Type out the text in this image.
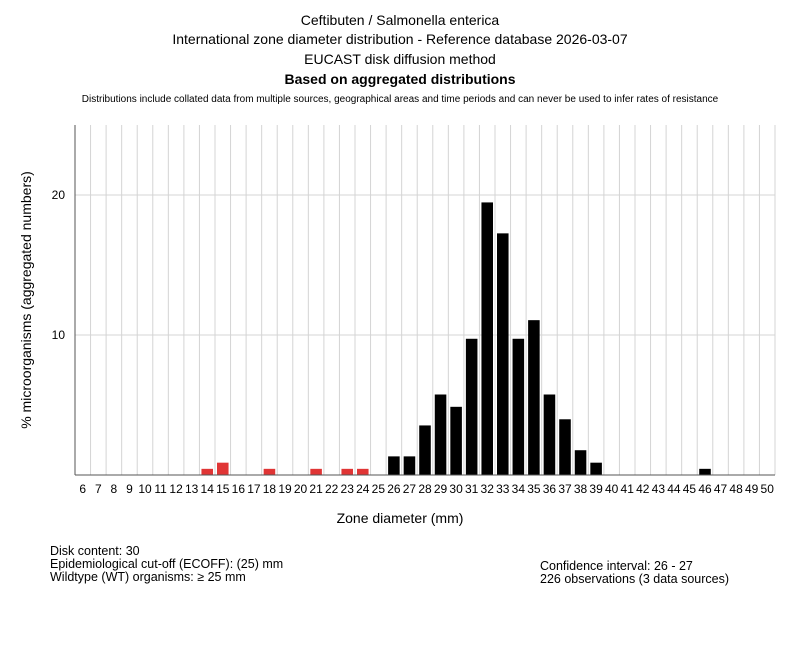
Ceftibuten / Salmonella enterica
International zone diameter distribution - Reference database 2026-03-07
EUCAST disk diffusion method
Based on aggregated distributions
Distributions include collated data from multiple sources, geographical areas and time periods and can never be used to infer rates of resistance
6 7 8 9 10 11 12 13 14 15 16 17 18 19 20 21 22 23 24 25 26 27 28 29 30 31 32 33 34 35 36 37 38 39 40 41 42 43 44 45 46 47 48 49 50
10
20
Zone diameter (mm)
% microorganisms (aggregated numbers)
Disk content: 30
Epidemiological cut-off (ECOFF): (25) mm
Wildtype (WT) organisms: ≥ 25 mm
Confidence interval: 26 - 27
226 observations (3 data sources)
